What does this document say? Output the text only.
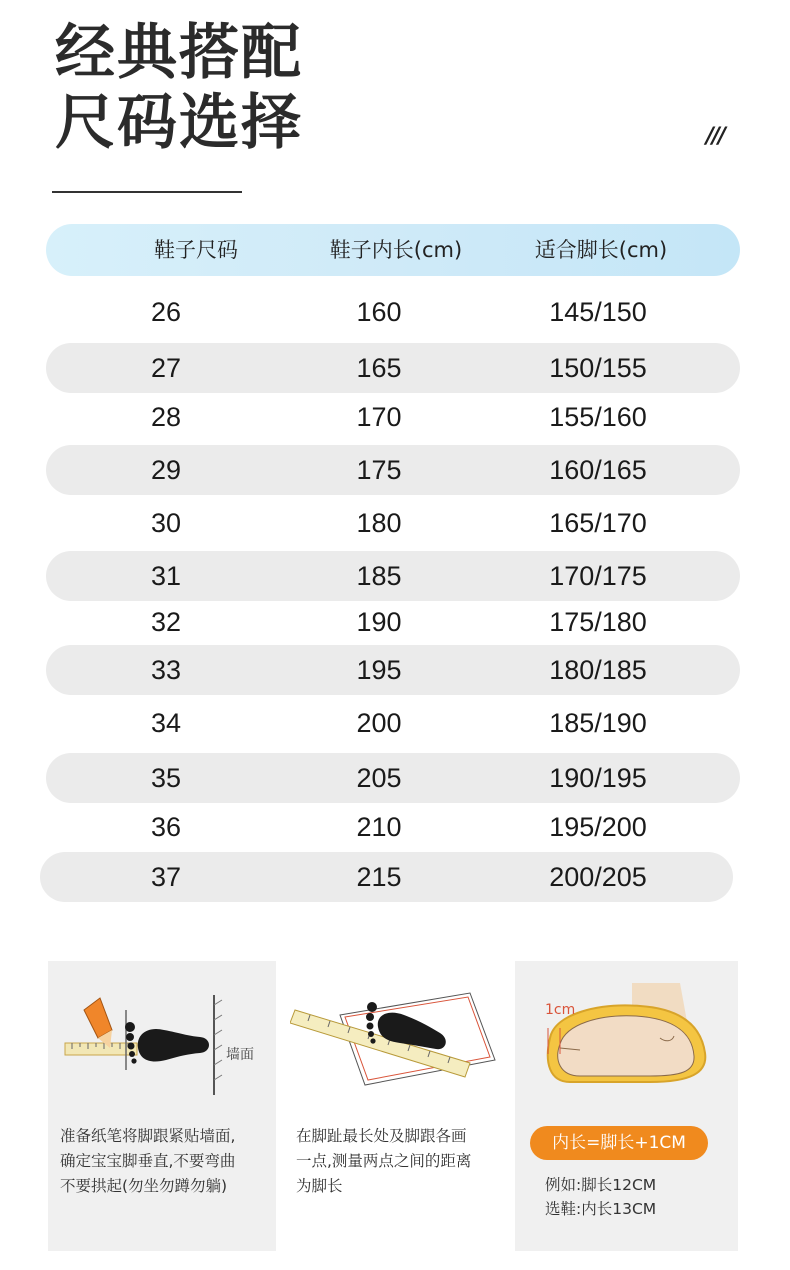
经典搭配
尺码选择	///
鞋子尺码	鞋子内长(cm)	适合脚长(cm)
26	160	145/150
27	165	150/155
28	170	155/160
29	175	160/165
30	180	165/170
31	185	170/175
32	190	175/180
33	195	180/185
34	200	185/190
35	205	190/195
36	210	195/200
37	215	200/205
墙面
准备纸笔将脚跟紧贴墙面,
确定宝宝脚垂直,不要弯曲
不要拱起(勿坐勿蹲勿躺)
在脚趾最长处及脚跟各画
一点,测量两点之间的距离
为脚长
1cm
内长=脚长+1CM
例如:脚长12CM
选鞋:内长13CM
